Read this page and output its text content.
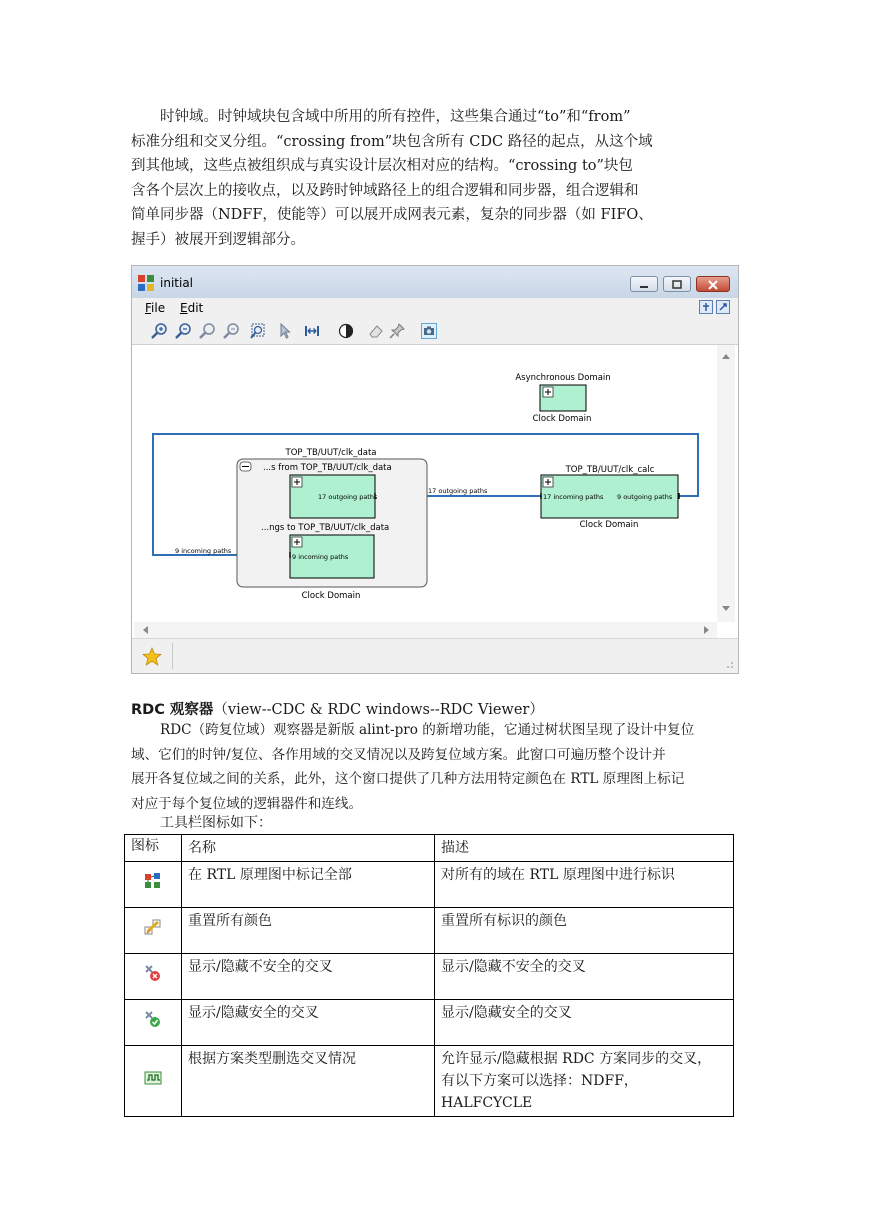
时钟域。时钟域块包含域中所用的所有控件，这些集合通过“to”和“from”
标准分组和交叉分组。“crossing from”块包含所有 CDC 路径的起点，从这个域
到其他域，这些点被组织成与真实设计层次相对应的结构。“crossing to”块包
含各个层次上的接收点，以及跨时钟域路径上的组合逻辑和同步器，组合逻辑和
简单同步器（NDFF，使能等）可以展开成网表元素，复杂的同步器（如 FIFO、
握手）被展开到逻辑部分。
initial
File Edit
Asynchronous Domain
Clock Domain
TOP_TB/UUT/clk_data
...s from TOP_TB/UUT/clk_data
17 outgoing paths
...ngs to TOP_TB/UUT/clk_data
9 incoming paths
Clock Domain
TOP_TB/UUT/clk_calc
17 incoming paths 9 outgoing paths
Clock Domain
17 outgoing paths
9 incoming paths
RDC 观察器（view--CDC & RDC windows--RDC Viewer）
RDC（跨复位域）观察器是新版 alint-pro 的新增功能，它通过树状图呈现了设计中复位
域、它们的时钟/复位、各作用域的交叉情况以及跨复位域方案。此窗口可遍历整个设计并
展开各复位域之间的关系，此外，这个窗口提供了几种方法用特定颜色在 RTL 原理图上标记
对应于每个复位域的逻辑器件和连线。
工具栏图标如下：
图标	名称	描述
	在 RTL 原理图中标记全部	对所有的域在 RTL 原理图中进行标识
	重置所有颜色	重置所有标识的颜色
	显示/隐藏不安全的交叉	显示/隐藏不安全的交叉
	显示/隐藏安全的交叉	显示/隐藏安全的交叉
	根据方案类型删选交叉情况	允许显示/隐藏根据 RDC 方案同步的交叉，
有以下方案可以选择：NDFF，HALFCYCLE
